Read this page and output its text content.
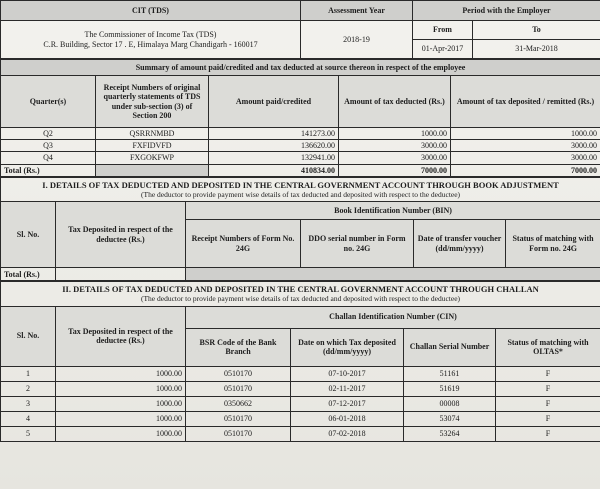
CIT (TDS)	Assessment Year	Period with the Employer	

The Commissioner of Income Tax (TDS)
C.R. Building, Sector 17 . E, Himalaya Marg Chandigarh - 160017	2018-19	From	To
		01-Apr-2017	31-Mar-2018
Summary of amount paid/credited and tax deducted at source thereon in respect of the employee				
Quarter(s)	Receipt Numbers of original quarterly statements of TDS under sub-section (3) of Section 200	Amount paid/credited	Amount of tax deducted (Rs.)	Amount of tax deposited / remitted (Rs.)
Q2	QSRRNMBD	141273.00	1000.00	1000.00
Q3	FXFIDVFD	136620.00	3000.00	3000.00
Q4	FXGOKFWP	132941.00	3000.00	3000.00
Total (Rs.)		410834.00	7000.00	7000.00
I. DETAILS OF TAX DEDUCTED AND DEPOSITED IN THE CENTRAL GOVERNMENT ACCOUNT THROUGH BOOK ADJUSTMENT
(The deductor to provide payment wise details of tax deducted and deposited with respect to the deductee)					

Sl. No.	Tax Deposited in respect of the deductee (Rs.)	Book Identification Number (BIN)			
		Receipt Numbers of Form No. 24G	DDO serial number in Form no. 24G	Date of transfer voucher (dd/mm/yyyy)	Status of matching with Form no. 24G
Total (Rs.)					
II. DETAILS OF TAX DEDUCTED AND DEPOSITED IN THE CENTRAL GOVERNMENT ACCOUNT THROUGH CHALLAN
(The deductor to provide payment wise details of tax deducted and deposited with respect to the deductee)					

Sl. No.	Tax Deposited in respect of the deductee (Rs.)	Challan Identification Number (CIN)			
		BSR Code of the Bank Branch	Date on which Tax deposited (dd/mm/yyyy)	Challan Serial Number	Status of matching with OLTAS*
1	1000.00	0510170	07-10-2017	51161	F
2	1000.00	0510170	02-11-2017	51619	F
3	1000.00	0350662	07-12-2017	00008	F
4	1000.00	0510170	06-01-2018	53074	F
5	1000.00	0510170	07-02-2018	53264	F
